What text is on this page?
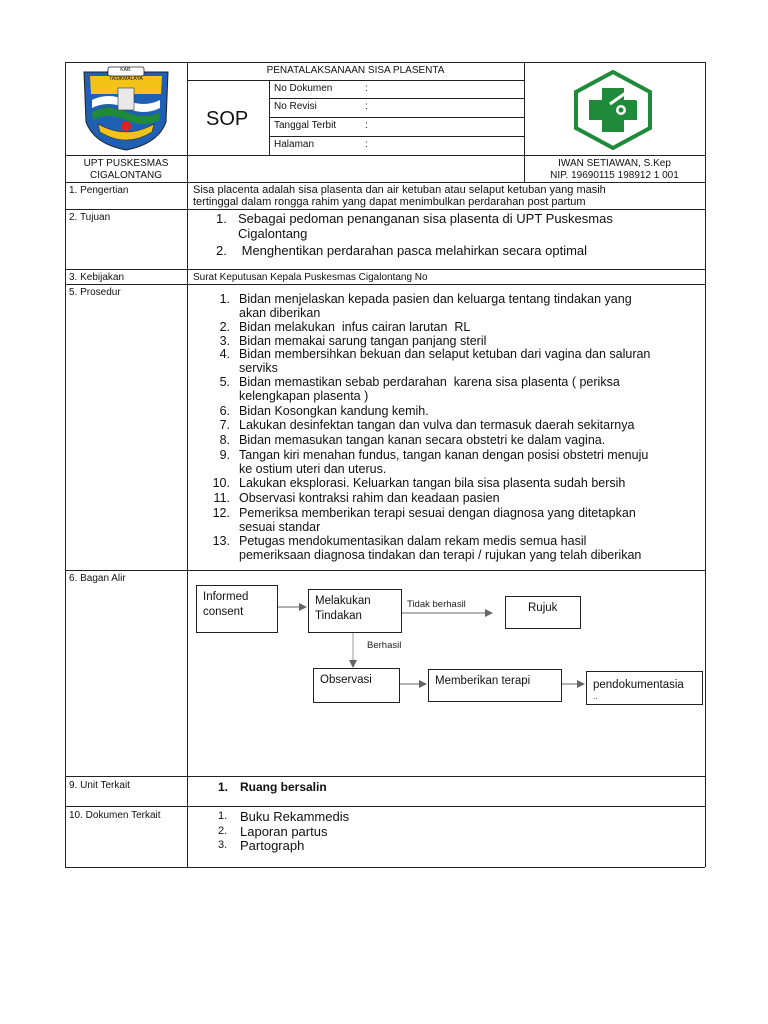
KAB. TASIKMALAYA
SOP
PENATALAKSANAAN SISA PLASENTA
No Dokumen	:
No Revisi	:
Tanggal Terbit	:
Halaman	:
UPT PUSKESMAS
CIGALONTANG
IWAN SETIAWAN, S.Kep
NIP. 19690115 198912 1 001
1. Pengertian	Sisa placenta adalah sisa plasenta dan air ketuban atau selaput ketuban yang masih
tertinggal dalam rongga rahim yang dapat menimbulkan perdarahan post partum
2. Tujuan	1. Sebagai pedoman penanganan sisa plasenta di UPT Puskesmas
Cigalontang
2. Menghentikan perdarahan pasca melahirkan secara optimal
3. Kebijakan	Surat Keputusan Kepala Puskesmas Cigalontang No
5. Prosedur	1. Bidan menjelaskan kepada pasien dan keluarga tentang tindakan yang
akan diberikan
2. Bidan melakukan  infus cairan larutan  RL
3. Bidan memakai sarung tangan panjang steril
4. Bidan membersihkan bekuan dan selaput ketuban dari vagina dan saluran
serviks
5. Bidan memastikan sebab perdarahan  karena sisa plasenta ( periksa
kelengkapan plasenta )
6. Bidan Kosongkan kandung kemih.
7. Lakukan desinfektan tangan dan vulva dan termasuk daerah sekitarnya
8. Bidan memasukan tangan kanan secara obstetri ke dalam vagina.
9. Tangan kiri menahan fundus, tangan kanan dengan posisi obstetri menuju
ke ostium uteri dan uterus.
10. Lakukan eksplorasi. Keluarkan tangan bila sisa plasenta sudah bersih
11. Observasi kontraksi rahim dan keadaan pasien
12. Pemeriksa memberikan terapi sesuai dengan diagnosa yang ditetapkan
sesuai standar
13. Petugas mendokumentasikan dalam rekam medis semua hasil
pemeriksaan diagnosa tindakan dan terapi / rujukan yang telah diberikan
6. Bagan Alir
Informed
consent
Melakukan
Tindakan
Tidak berhasil	Rujuk
Berhasil
Observasi	Memberikan terapi	pendokumentasia
..
9. Unit Terkait	1. Ruang bersalin
10. Dokumen Terkait	1. Buku Rekammedis
2. Laporan partus
3. Partograph
